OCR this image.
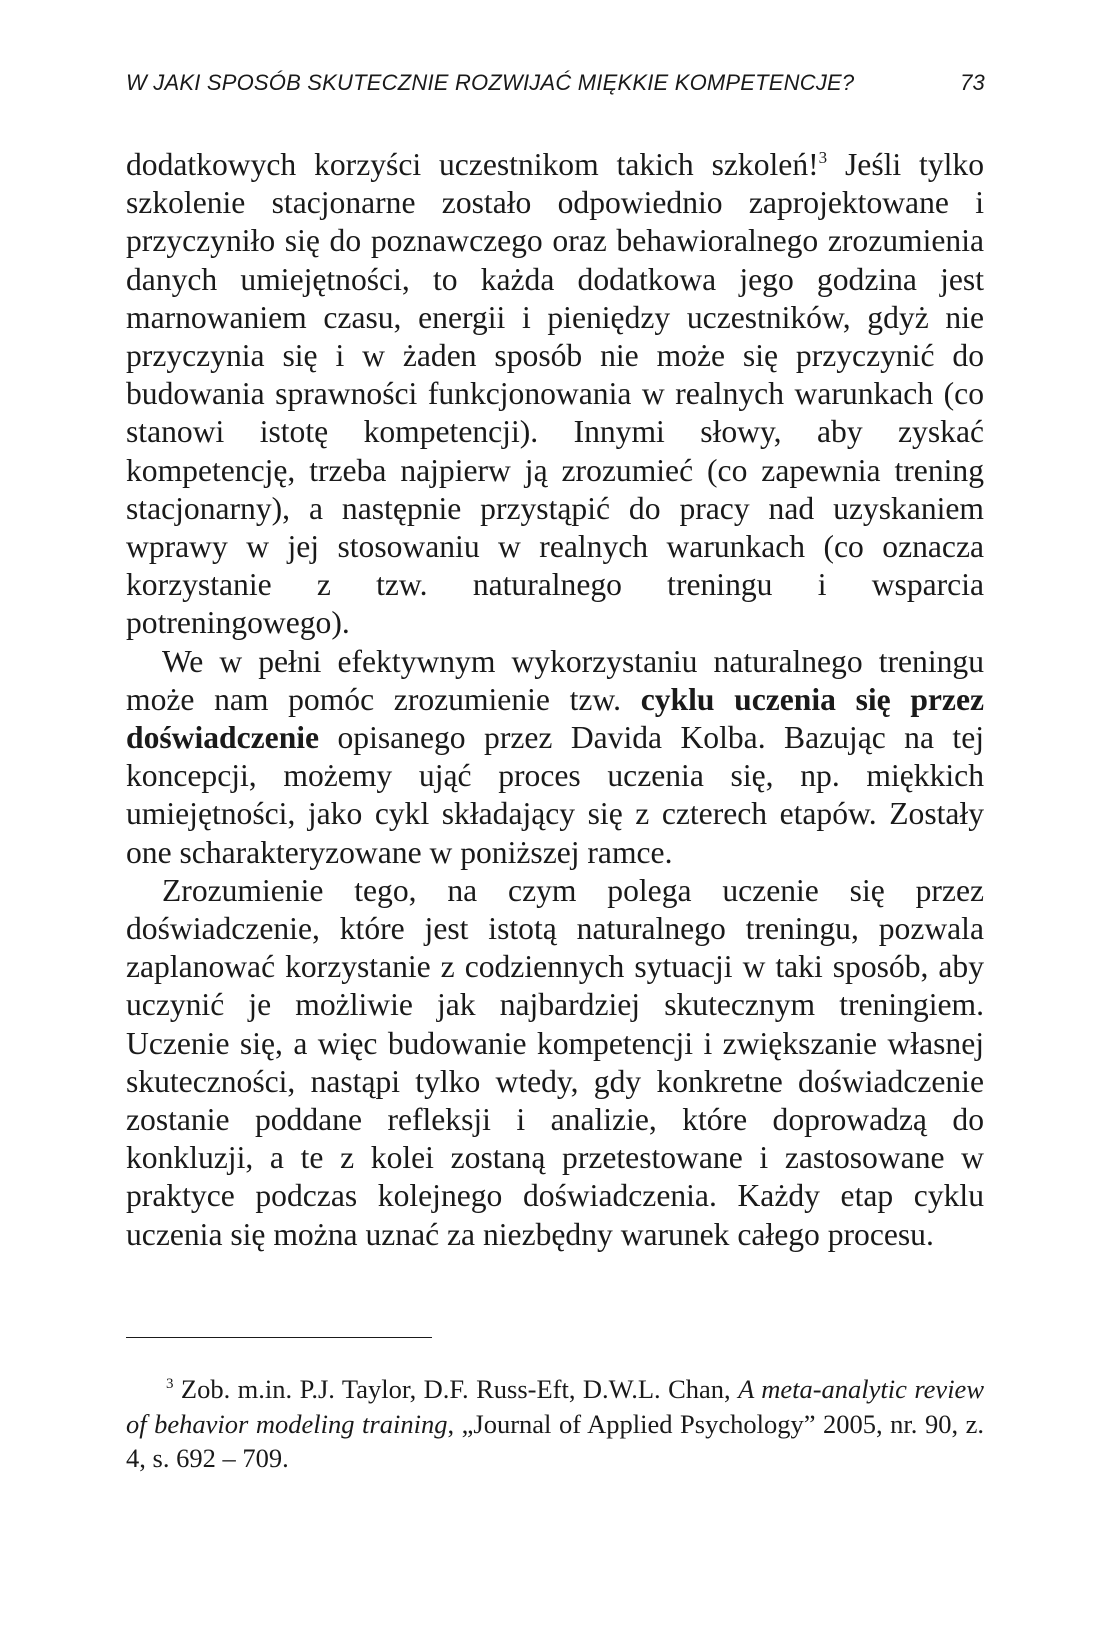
W JAKI SPOSÓB SKUTECZNIE ROZWIJAĆ MIĘKKIE KOMPETENCJE?	73

dodatkowych korzyści uczestnikom takich szkoleń!$^3$ Jeśli tylko szkolenie stacjonarne zostało odpowiednio zaprojektowane i przyczyniło się do poznawczego oraz behawioralnego zrozumienia danych umiejętności, to każda dodatkowa jego godzina jest marnowaniem czasu, energii i pieniędzy uczestników, gdyż nie przyczynia się i w żaden sposób nie może się przyczynić do budowania sprawności funkcjonowania w realnych warunkach (co stanowi istotę kompetencji). Innymi słowy, aby zyskać kompetencję, trzeba najpierw ją zrozumieć (co zapewnia trening stacjonarny), a następnie przystąpić do pracy nad uzyskaniem wprawy w jej stosowaniu w realnych warunkach (co oznacza korzystanie z tzw. naturalnego treningu i wsparcia potreningowego).

We w pełni efektywnym wykorzystaniu naturalnego treningu może nam pomóc zrozumienie tzw. cyklu uczenia się przez doświadczenie opisanego przez Davida Kolba. Bazując na tej koncepcji, możemy ująć proces uczenia się, np. miękkich umiejętności, jako cykl składający się z czterech etapów. Zostały one scharakteryzowane w poniższej ramce.

Zrozumienie tego, na czym polega uczenie się przez doświadczenie, które jest istotą naturalnego treningu, pozwala zaplanować korzystanie z codziennych sytuacji w taki sposób, aby uczynić je możliwie jak najbardziej skutecznym treningiem. Uczenie się, a więc budowanie kompetencji i zwiększanie własnej skuteczności, nastąpi tylko wtedy, gdy konkretne doświadczenie zostanie poddane refleksji i analizie, które doprowadzą do konkluzji, a te z kolei zostaną przetestowane i zastosowane w praktyce podczas kolejnego doświadczenia. Każdy etap cyklu uczenia się można uznać za niezbędny warunek całego procesu.

$^3$ Zob. m.in. P.J. Taylor, D.F. Russ-Eft, D.W.L. Chan, A meta-analytic review of behavior modeling training, „Journal of Applied Psychology” 2005, nr. 90, z. 4, s. 692 – 709.
